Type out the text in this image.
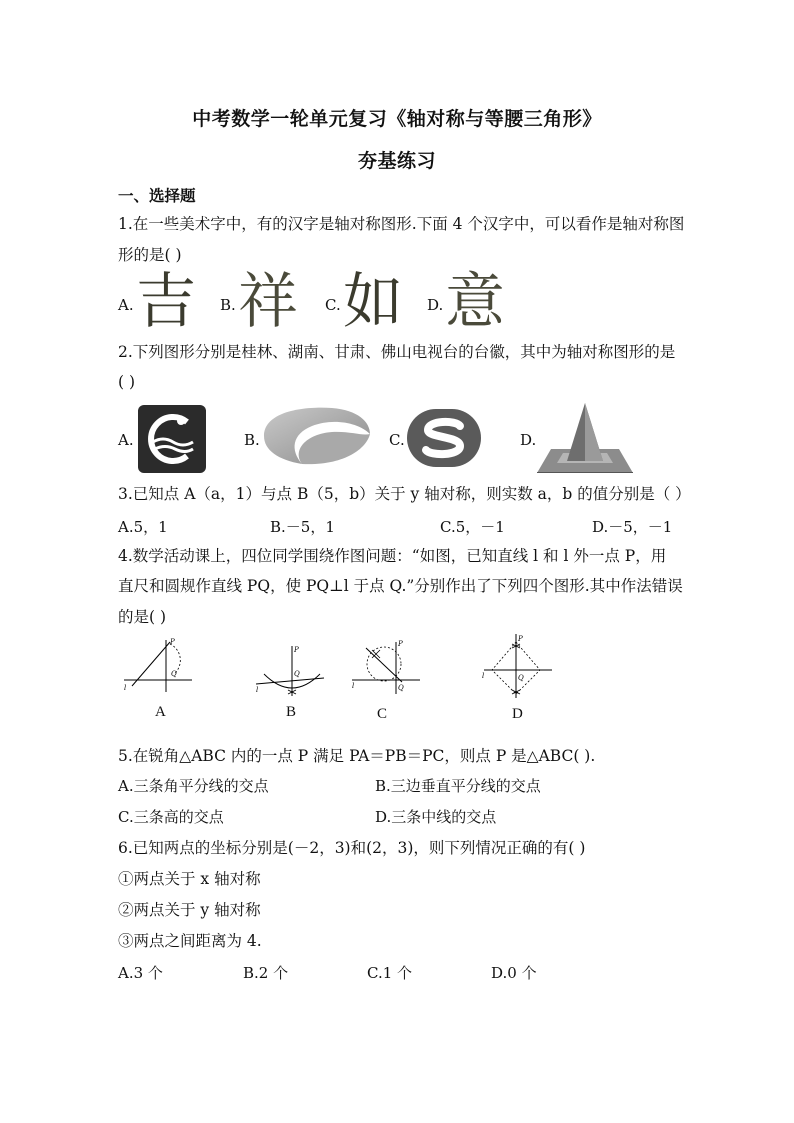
中考数学一轮单元复习《轴对称与等腰三角形》
夯基练习
一、选择题
1.在一些美术字中，有的汉字是轴对称图形.下面 4 个汉字中，可以看作是轴对称图
形的是( )
A. 吉 B. 祥 C. 如 D. 意
2.下列图形分别是桂林、湖南、甘肃、佛山电视台的台徽，其中为轴对称图形的是
( )
A.	B.	C.	D.
3.已知点 A（a，1）与点 B（5，b）关于 y 轴对称，则实数 a，b 的值分别是（ ）
A.5，1	B.－5，1	C.5，－1	D.－5，－1
4.数学活动课上，四位同学围绕作图问题：“如图，已知直线 l 和 l 外一点 P，用
直尺和圆规作直线 PQ，使 PQ⊥l 于点 Q.”分别作出了下列四个图形.其中作法错误
的是( )
P
Q
l
A
P
Q
l
B
P
Q
l
C
P
Q
l
D
5.在锐角△ABC 内的一点 P 满足 PA＝PB＝PC，则点 P 是△ABC( ).
A.三条角平分线的交点	B.三边垂直平分线的交点
C.三条高的交点	D.三条中线的交点
6.已知两点的坐标分别是(－2，3)和(2，3)，则下列情况正确的有( )
①两点关于 x 轴对称
②两点关于 y 轴对称
③两点之间距离为 4.
A.3 个	B.2 个	C.1 个	D.0 个
